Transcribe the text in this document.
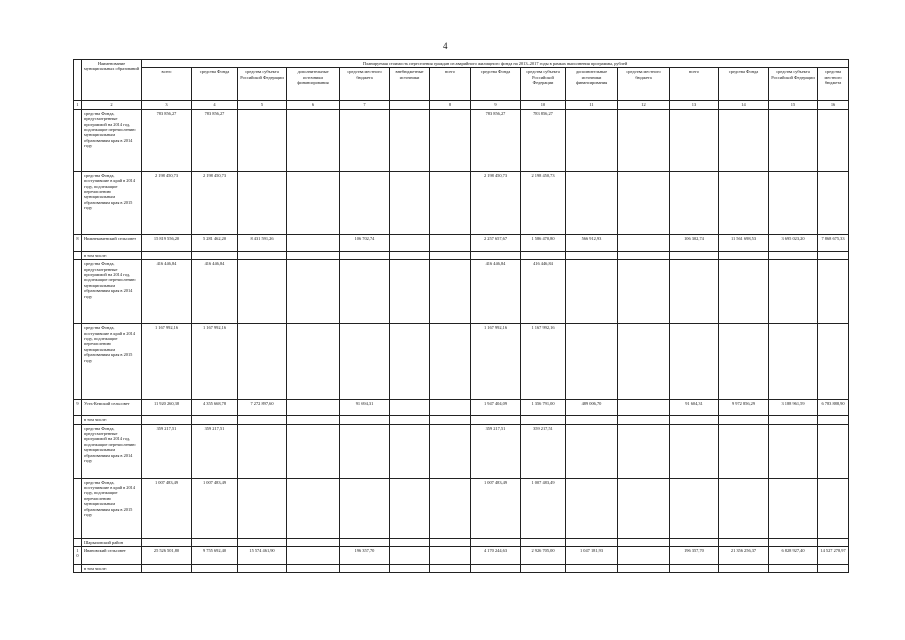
4
	Наименование муниципальных образований	Планируемая стоимость переселения граждан из аварийного жилищного фонда на 2013–2017 годы в рамках выполнения программы, рублей															
		всего	средства Фонда	средства субъекта Российской Федерации	дополнительные источники финансирования	средства местного бюджета	внебюджетные источники	всего	средства Фонда	средства субъекта Российской Федерации	дополнительные источники финансирования	средства местного бюджета	всего	средства Фонда	средства субъекта Российской Федерации	средства местного бюджета	
1	2	3	4	5	6	7		8	9	10	11	12	13	14	15	16	
	средства Фонда, предусмотренные программой на 2014 год, подлежащие перечислению муниципальным образованиям края в 2014 году	783 856,27	783 856,27						783 856,27	783 856,27							
	средства Фонда, поступившие в край в 2014 году, подлежащие перечислению муниципальным образованиям края в 2015 году	2 198 450,73	2 198 450,73						2 198 450,73	2 198 450,73							
8	Нижнекаменский сельсовет	15 819 556,20	5 281 462,20	8 431 591,26		106 702,74			2 257 657,67	1 586 470,80	566 912,93		106 302,74	11 561 698,53	3 695 023,20	7 868 675,33	
	в том числе:																
	средства Фонда, предусмотренные программой на 2014 год, подлежащие перечислению муниципальным образованиям края в 2014 году	416 446,84	416 446,84						416 446,84	416 446,84							
	средства Фонда, поступившие в край в 2014 году, подлежащие перечислению муниципальным образованиям края в 2015 году	1 167 992,16	1 167 992,16						1 167 992,16	1 167 992,16							
9	Усть-Кемский сельсовет	11 920 260,38	4 355 668,78	7 272 897,60		91 694,31			1 947 404,09	1 356 791,00	489 006,70		91 604,31	9 972 856,29	3 188 961,59	6 783 888,90	
	в том числе:																
	средства Фонда, предусмотренные программой на 2014 год, подлежащие перечислению муниципальным образованиям края в 2014 году	359 217,51	359 217,51						359 217,51	359 217,51							
	средства Фонда, поступившие в край в 2014 году, подлежащие перечислению муниципальным образованиям края в 2015 году	1 007 483,49	1 007 483,49						1 007 483,49	1 007 483,49							
	Шарыповский район																
10	Ивановский сельсовет	25 526 501,80	9 755 692,40	15 574 461,90		196 357,70			4 170 244,63	2 926 705,00	1 047 181,93		196 357,70	21 356 256,37	6 828 927,40	14 527 278,97	
	в том числе:																
